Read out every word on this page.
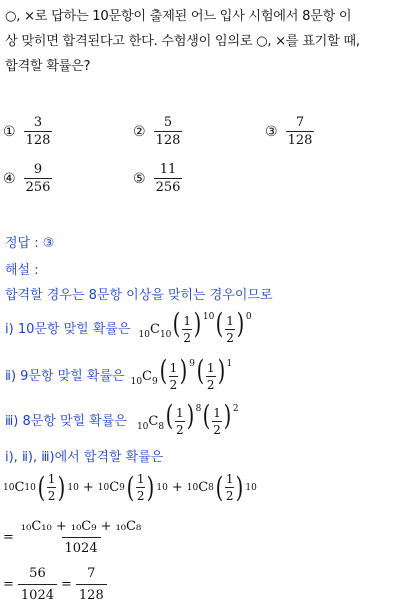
○, ×로 답하는 10문항이 출제된 어느 입사 시험에서 8문항 이
상 맞히면 합격된다고 한다. 수험생이 임의로 ○, ×를 표기할 때,
합격할 확률은?
① $\frac{3}{128}$	② $\frac{5}{128}$	③ $\frac{7}{128}$
④ $\frac{9}{256}$	⑤ $\frac{11}{256}$
정답 : ③
해설 :
합격할 경우는 8문항 이상을 맞히는 경우이므로
ⅰ) 10문항 맞힐 확률은 $_{10}C_{10}( \frac{1}{2}$ ) $^{10}( \frac{1}{2}$ ) $^0$
ⅱ) 9문항 맞힐 확률은 $_{10}C_9( \frac{1}{2}$ ) $^9( \frac{1}{2}$ ) $^1$
ⅲ) 8문항 맞힐 확률은 $_{10}C_8( \frac{1}{2}$ ) $^8( \frac{1}{2}$ ) $^2$
ⅰ), ⅱ), ⅲ)에서 합격할 확률은
10 C 10 ( $\frac{1}{2}$ ) 10 + 10 C 9 ( $\frac{1}{2}$ ) 10 + 10 C 8 ( $\frac{1}{2}$ ) 10
= $\frac{\text{₁₀C₁₀ + ₁₀C₉ + ₁₀C₈}}{1024}$
= $\frac{56}{1024} = \frac{7}{128}$
